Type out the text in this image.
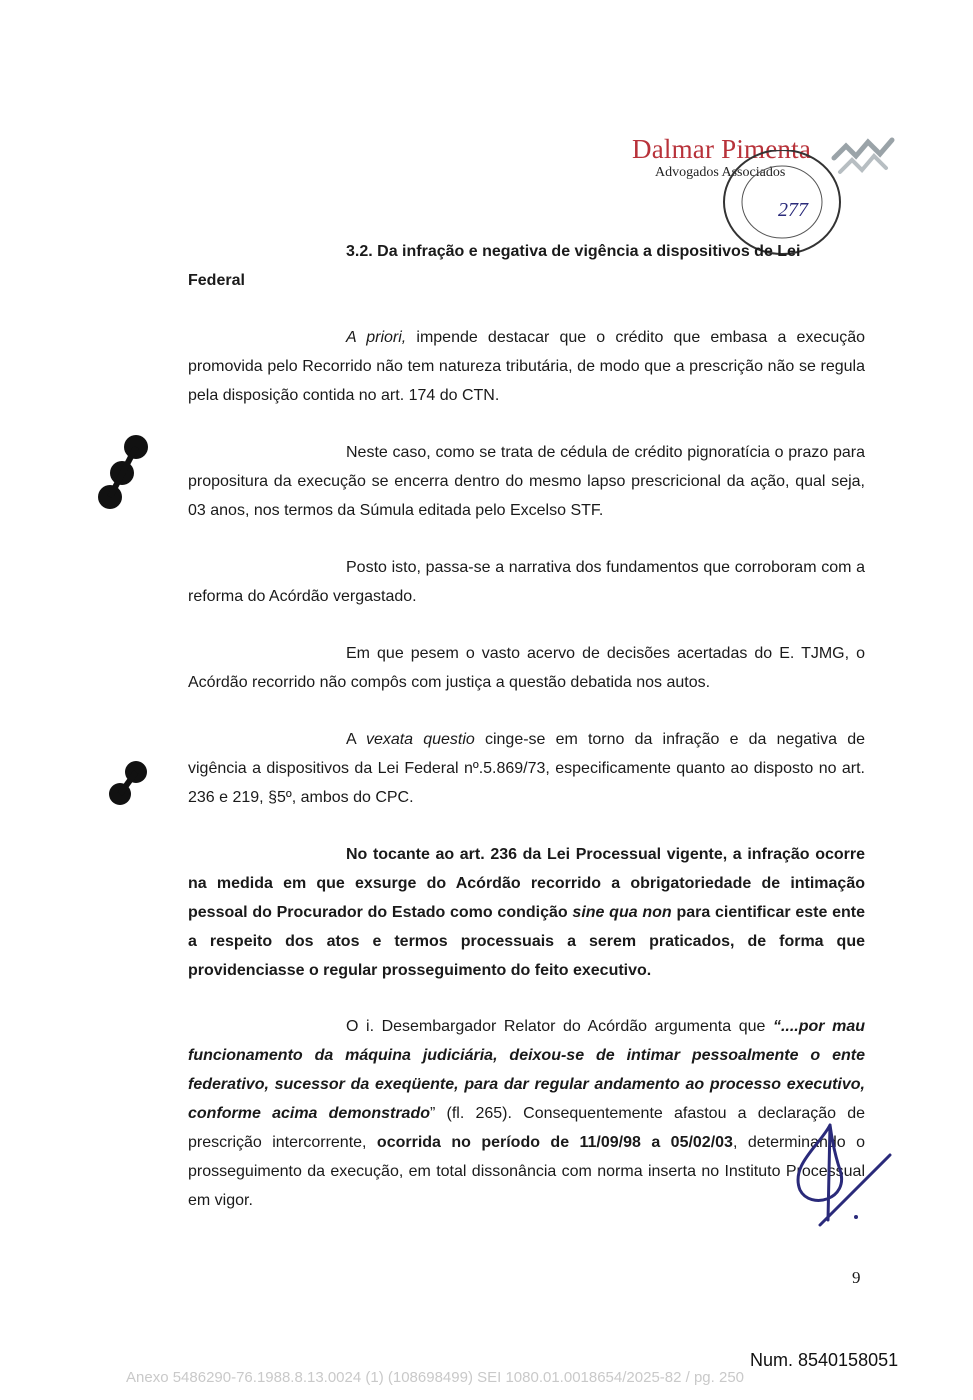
Dalmar Pimenta
Advogados Associados
277
3.2. Da infração e negativa de vigência a dispositivos de Lei
Federal
A priori, impende destacar que o crédito que embasa a execução promovida pelo Recorrido não tem natureza tributária, de modo que a prescrição não se regula pela disposição contida no art. 174 do CTN.
Neste caso, como se trata de cédula de crédito pignoratícia o prazo para propositura da execução se encerra dentro do mesmo lapso prescricional da ação, qual seja, 03 anos, nos termos da Súmula editada pelo Excelso STF.
Posto isto, passa-se a narrativa dos fundamentos que corroboram com a reforma do Acórdão vergastado.
Em que pesem o vasto acervo de decisões acertadas do E. TJMG, o Acórdão recorrido não compôs com justiça a questão debatida nos autos.
A vexata questio cinge-se em torno da infração e da negativa de vigência a dispositivos da Lei Federal nº.5.869/73, especificamente quanto ao disposto no art. 236 e 219, §5º, ambos do CPC.
No tocante ao art. 236 da Lei Processual vigente, a infração ocorre na medida em que exsurge do Acórdão recorrido a obrigatoriedade de intimação pessoal do Procurador do Estado como condição sine qua non para cientificar este ente a respeito dos atos e termos processuais a serem praticados, de forma que providenciasse o regular prosseguimento do feito executivo.
O i. Desembargador Relator do Acórdão argumenta que “....por mau funcionamento da máquina judiciária, deixou-se de intimar pessoalmente o ente federativo, sucessor da exeqüente, para dar regular andamento ao processo executivo, conforme acima demonstrado” (fl. 265). Consequentemente afastou a declaração de prescrição intercorrente, ocorrida no período de 11/09/98 a 05/02/03, determinando o prosseguimento da execução, em total dissonância com norma inserta no Instituto Processual em vigor.
9
Num. 8540158051
Anexo 5486290-76.1988.8.13.0024 (1) (108698499) SEI 1080.01.0018654/2025-82 / pg. 250
